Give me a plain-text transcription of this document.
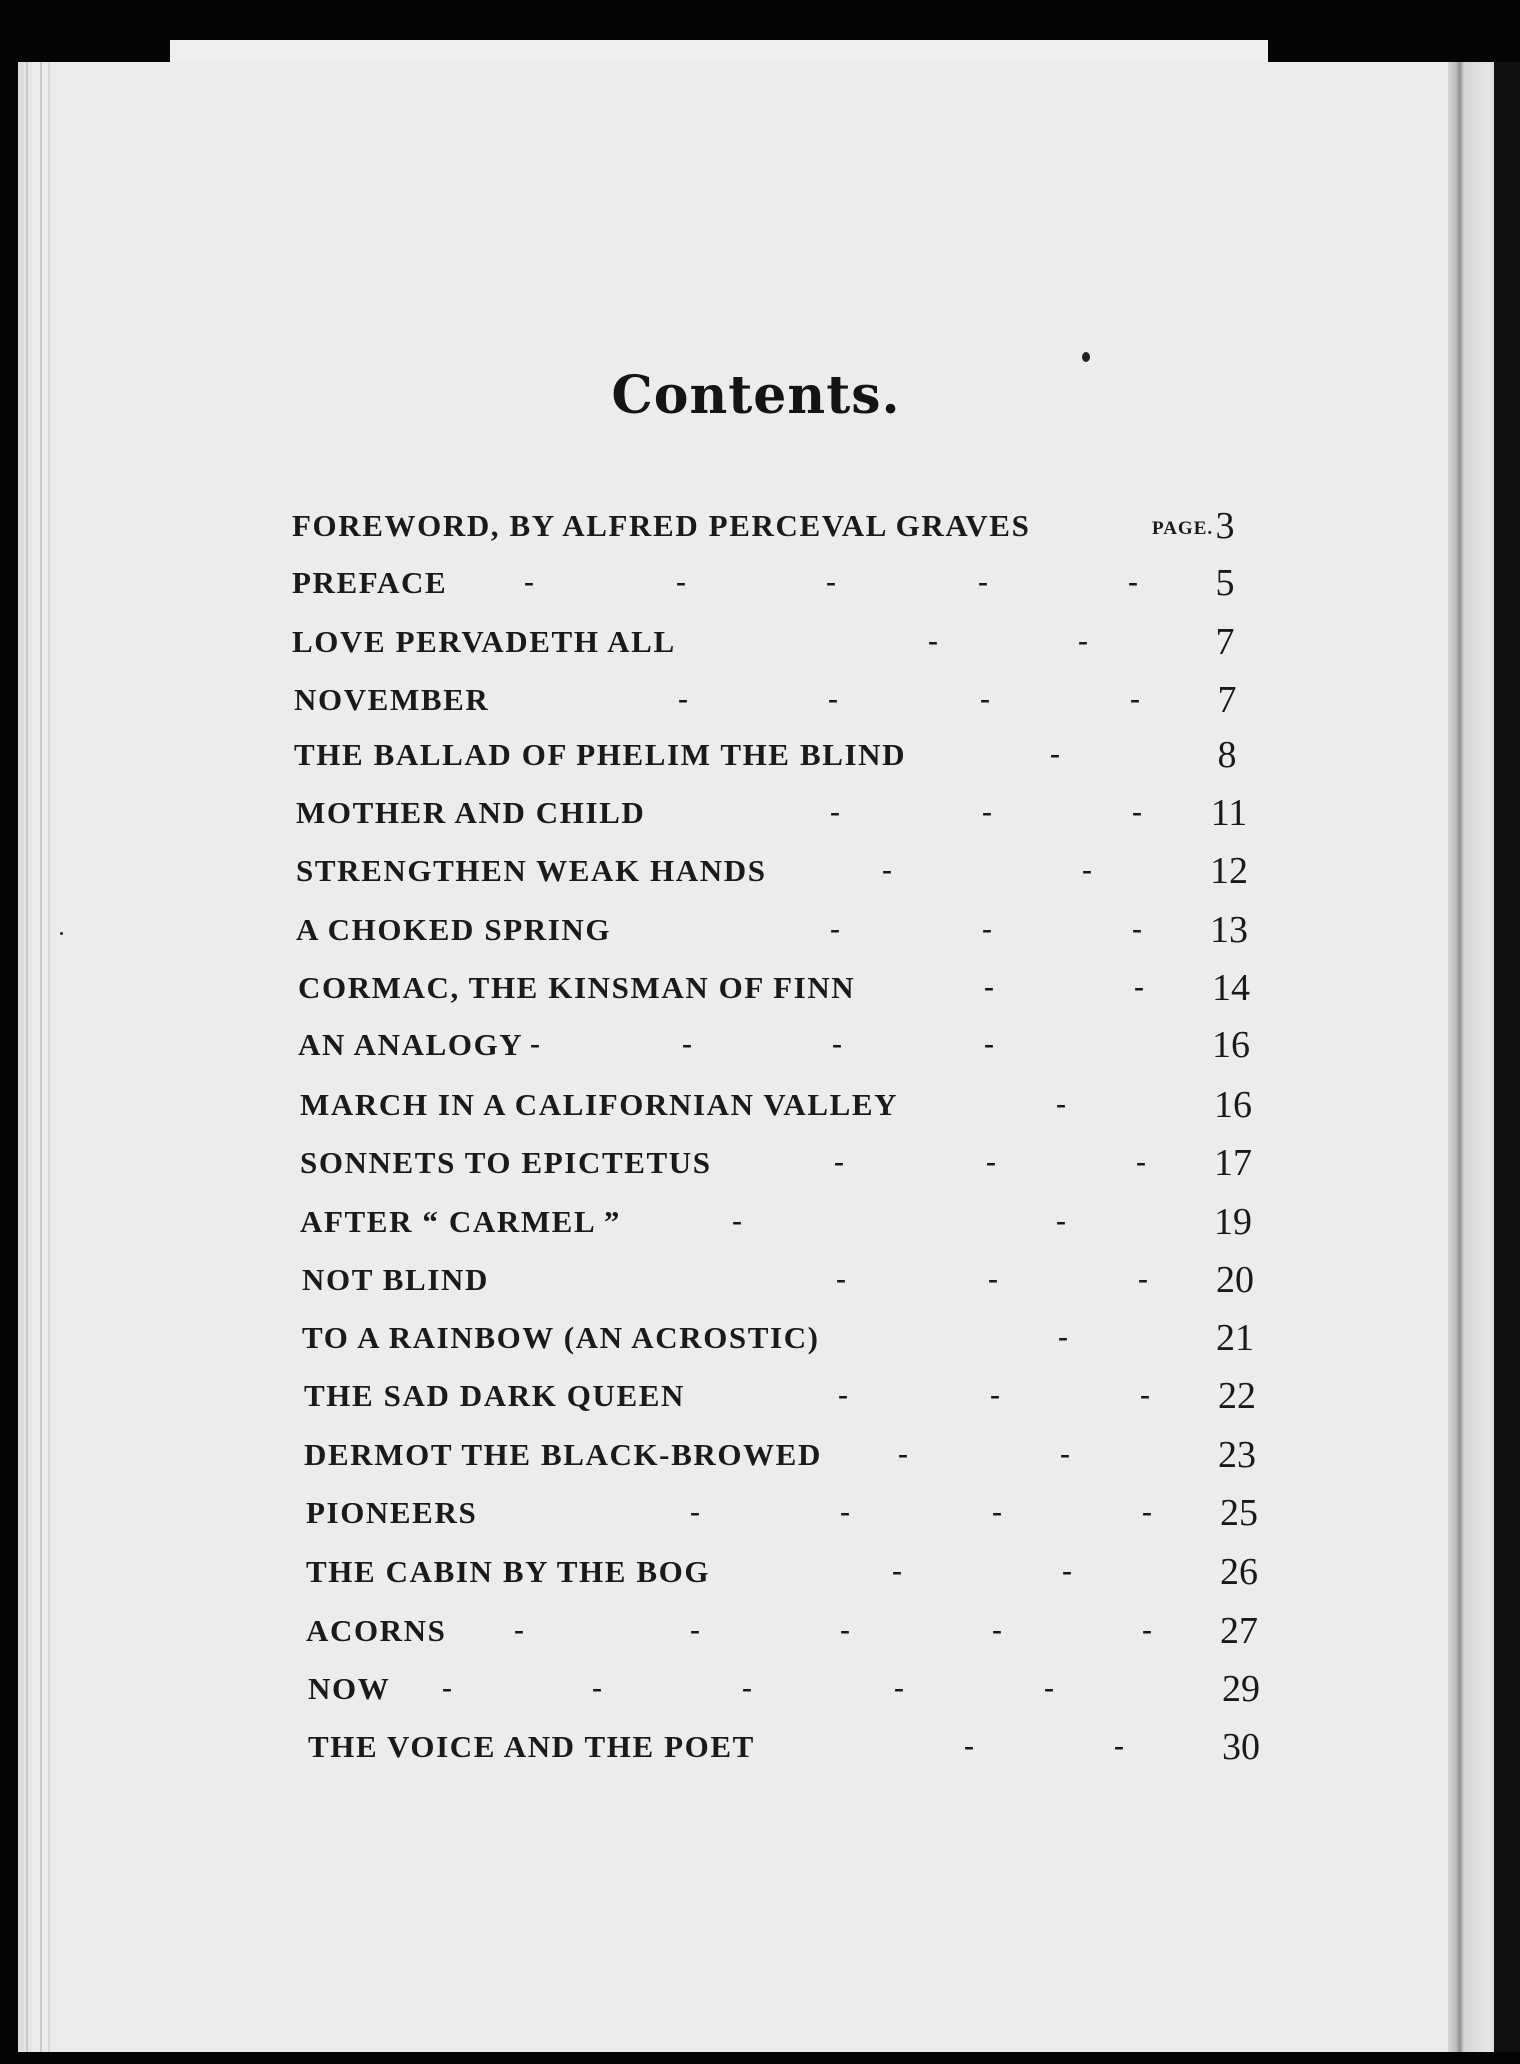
Contents.
PAGE.
FOREWORD, BY ALFRED PERCEVAL GRAVES	3
PREFACE	-	-	-	-	-	5
LOVE PERVADETH ALL	-	-	7
NOVEMBER	-	-	-	-	7
THE BALLAD OF PHELIM THE BLIND	-	8
MOTHER AND CHILD	-	-	-	11
STRENGTHEN WEAK HANDS	-	-	12
A CHOKED SPRING	-	-	-	13
CORMAC, THE KINSMAN OF FINN	-	-	14
AN ANALOGY -	-	-	-	16
MARCH IN A CALIFORNIAN VALLEY	-	16
SONNETS TO EPICTETUS	-	-	-	17
AFTER “ CARMEL ”	-	-	19
NOT BLIND	-	-	-	20
TO A RAINBOW (AN ACROSTIC)	-	21
THE SAD DARK QUEEN	-	-	-	22
DERMOT THE BLACK-BROWED	-	-	23
PIONEERS	-	-	-	-	25
THE CABIN BY THE BOG	-	-	26
ACORNS -	-	-	-	-	27
NOW -	-	-	-	-	29
THE VOICE AND THE POET	-	-	30
